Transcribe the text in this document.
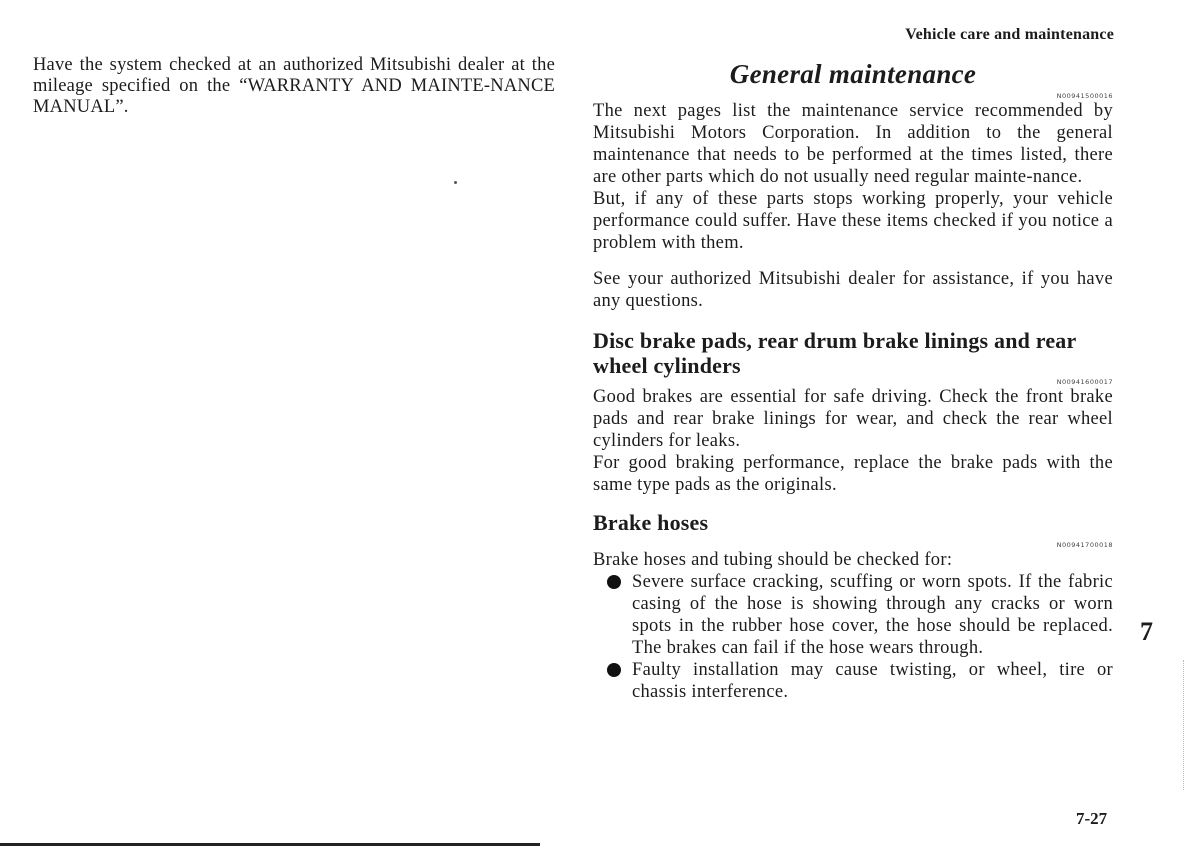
Vehicle care and maintenance
Have the system checked at an authorized Mitsubishi dealer at the mileage specified on the “WARRANTY AND MAINTE-NANCE MANUAL”.
General maintenance
N00941500016

The next pages list the maintenance service recommended by Mitsubishi Motors Corporation. In addition to the general maintenance that needs to be performed at the times listed, there are other parts which do not usually need regular mainte-nance.

But, if any of these parts stops working properly, your vehicle performance could suffer. Have these items checked if you notice a problem with them.

See your authorized Mitsubishi dealer for assistance, if you have any questions.

Disc brake pads, rear drum brake linings and rear wheel cylinders
N00941600017

Good brakes are essential for safe driving. Check the front brake pads and rear brake linings for wear, and check the rear wheel cylinders for leaks.

For good braking performance, replace the brake pads with the same type pads as the originals.

Brake hoses
N00941700018

Brake hoses and tubing should be checked for:

Severe surface cracking, scuffing or worn spots. If the fabric casing of the hose is showing through any cracks or worn spots in the rubber hose cover, the hose should be replaced. The brakes can fail if the hose wears through.
Faulty installation may cause twisting, or wheel, tire or chassis interference.
7
7-27
